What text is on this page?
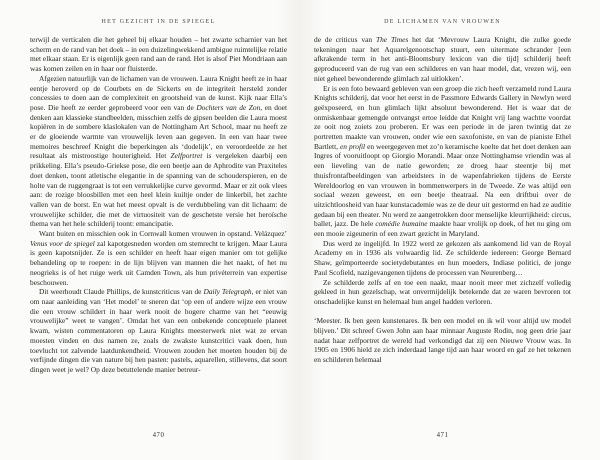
HET GEZICHT IN DE SPIEGEL

terwijl de verticalen die het geheel bij elkaar houden – het zwarte scharnier van het scherm en de rand van het doek – in een duizelingwekkend ambigue ruimtelijke relatie met elkaar staan. Er is eigenlijk geen rand aan de rand. Het is alsof Piet Mondriaan aan was komen zeilen en in haar oor fluisterde.

Afgezien natuurlijk van de lichamen van de vrouwen. Laura Knight heeft ze in haar eentje heroverd op de Courbets en de Sickerts en de integriteit hersteld zonder concessies te doen aan de complexiteit en grootsheid van de kunst. Kijk naar Ella’s pose. Die heeft ze eerder geprobeerd voor een van de Dochters van de Zon, en doet denken aan klassieke standbeelden, misschien zelfs de gipsen beelden die Laura moest kopiëren in de sombere klaslokalen van de Nottingham Art School, maar nu heeft ze er de gloeiende warmte van vrouwelijk leven aan gegeven. In een van haar twee memoires beschreef Knight die beperkingen als ‘dodelijk’, en veroordeelde ze het resultaat als mistroostige houterigheid. Het Zelfportret is vergeleken daarbij een prikkeling. Ella’s pseudo-Griekse pose, die een beetje aan de Aphrodite van Praxiteles doet denken, toont atletische elegantie in de spanning van de schouderspieren, en de holte van de ruggengraat is tot een verrukkelijke curve gevormd. Maar er zit ook vlees aan: de rozige bloosbillen met een heel klein kuiltje onder de linkerbil, het zachte vallen van de borst. En wat het meest opvalt is de verdubbeling van dit lichaam: de vrouwelijke schilder, die met de virtuositeit van de geschetste versie het heroïsche thema van het hele schilderij toont: emancipatie.

Want buiten en misschien ook in Cornwall komen vrouwen in opstand. Velázquez’ Venus voor de spiegel zal kapotgesneden worden om stemrecht te krijgen. Maar Laura is geen kapotsnijder. Ze is een schilder en heeft haar eigen manier om tot gelijke behandeling op te roepen: in de lijn blijven van mannen die het naakt, of het nu neogrieks is of het ruige werk uit Camden Town, als hun privéterrein van expertise beschouwen.

Dit weerhoudt Claude Phillips, de kunstcriticus van de Daily Telegraph, er niet van om naar aanleiding van ‘Het model’ te sneren dat ‘op een of andere wijze een vrouw die een vrouw schildert in haar werk nooit de hogere charme van het “eeuwig vrouwelijke” weet te vangen’. Omdat het van een onbekende conceptuele planeet kwam, wisten commentatoren op Laura Knights meesterwerk niet wat ze ervan moesten vinden en dus namen ze, zoals de zwakste kunstcritici vaak doen, hun toevlucht tot zalvende laatdunkendheid. Vrouwen zouden het moeten houden bij de verfijnde dingen die van nature bij hen pasten: pastels, aquarellen, stillevens, dat soort dingen weet je wel? Op deze betuttelende manier betreur-

470
DE LICHAMEN VAN VROUWEN

de de criticus van The Times het dat ‘Mevrouw Laura Knight, die zulke goede tekeningen naar het Aquarelgenootschap stuurt, een uitermate schrander [een afkrakende term in het anti-Bloomsbury lexicon van die tijd] schilderij heeft geproduceerd van de rug van een schilderes en van haar model, dat, vrezen wij, een niet geheel bewonderende glimlach zal uitlokken’.

Er is een foto bewaard gebleven van een groep die zich heeft verzameld rond Laura Knights schilderij, dat voor het eerst in de Passmore Edwards Gallery in Newlyn werd geëxposeerd, en hun glimlach lijkt absoluut bewonderend. Het is waar dat de onmiskenbaar gemengde ontvangst ertoe leidde dat Knight vrij lang wachtte voordat ze ooit nog zoiets zou proberen. Er was een periode in de jaren twintig dat ze portretten maakte van vrouwen, onder wie een saxofoniste, en van de pianiste Ethel Bartlett, en profil en weergegeven met zo’n keramische koelte dat het doet denken aan Ingres of vooruitloopt op Giorgio Morandi. Maar onze Nottinghamse vriendin was al een lieveling van de natie geworden; ze droeg haar steentje bij met thuisfrontafbeeldingen van arbeidsters in de wapenfabrieken tijdens de Eerste Wereldoorlog en van vrouwen in bommenwerpers in de Tweede. Ze was altijd een sociaal wezen geweest, en een beetje theatraal. Na een driftbui over de uitzichtloosheid van haar kunstacademie was ze de deur uit gestormd en had ze auditie gedaan bij een theater. Nu werd ze aangetrokken door menselijke kleurrijkheid: circus, ballet, jazz. De hele comédie humaine maakte haar vrolijk op doek, of het nu ging om een mooie zigeunerin of een zwart gezicht in Maryland.

Dus werd ze ingelijfd. In 1922 werd ze gekozen als aankomend lid van de Royal Academy en in 1936 als volwaardig lid. Ze schilderde iedereen: George Bernard Shaw, geïmporteerde societydebutantes en hun moeders, Indiase politici, de jonge Paul Scofield, nazigevangenen tijdens de processen van Neurenberg…

Ze schilderde zelfs af en toe een naakt, maar nooit meer met zichzelf volledig gekleed in hun gezelschap, wat onvermijdelijk betekende dat ze waren bevroren tot onschadelijke kunst en helemaal hun angel hadden verloren.

‘Meester. Ik ben geen kunstenares. Ik ben een model en ik wil voor altijd uw model blijven.’ Dit schreef Gwen John aan haar minnaar Auguste Rodin, nog geen drie jaar nadat haar zelfportret de wereld had verkondigd dat zij een Nieuwe Vrouw was. In 1905 en 1906 hield ze zich inderdaad lange tijd aan haar woord en gaf ze het tekenen en schilderen helemaal

471
